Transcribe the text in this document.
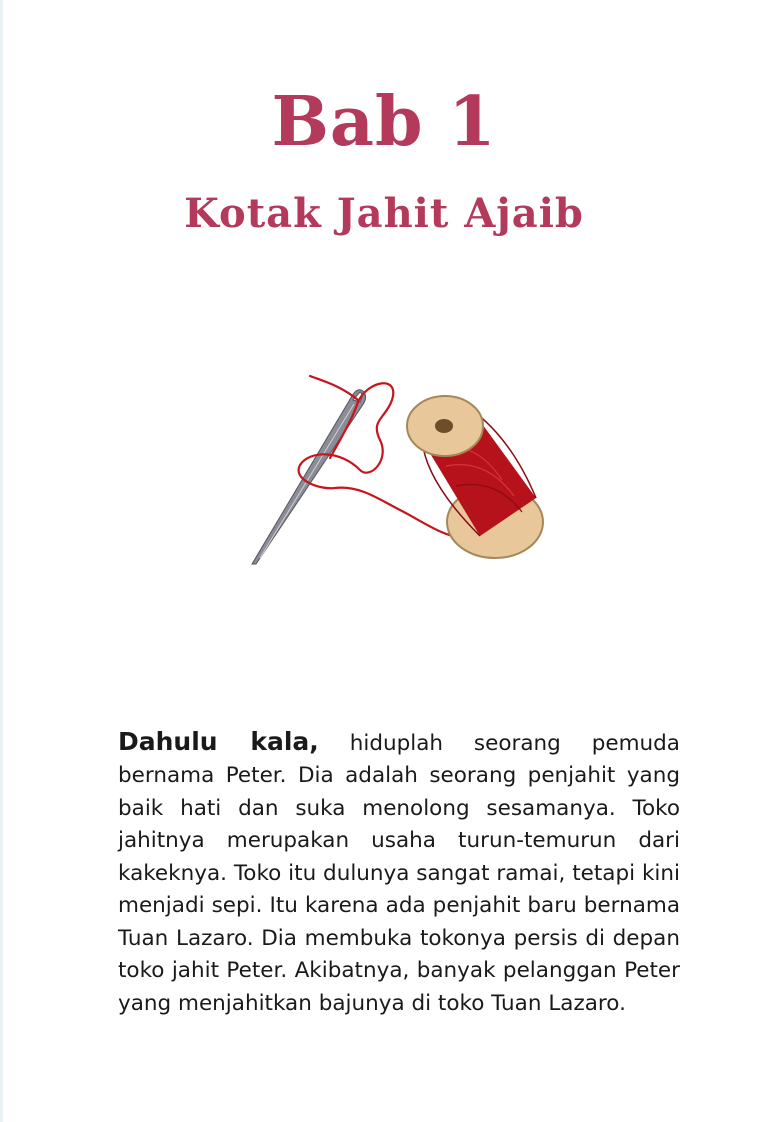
Bab 1
Kotak Jahit Ajaib

Dahulu kala, hiduplah seorang pemuda bernama Peter. Dia adalah seorang penjahit yang baik hati dan suka menolong sesamanya. Toko jahitnya merupakan usaha turun-temurun dari kakeknya. Toko itu dulunya sangat ramai, tetapi kini menjadi sepi. Itu karena ada penjahit baru bernama Tuan Lazaro. Dia membuka tokonya persis di depan toko jahit Peter. Akibatnya, banyak pelanggan Peter yang menjahitkan bajunya di toko Tuan Lazaro.
